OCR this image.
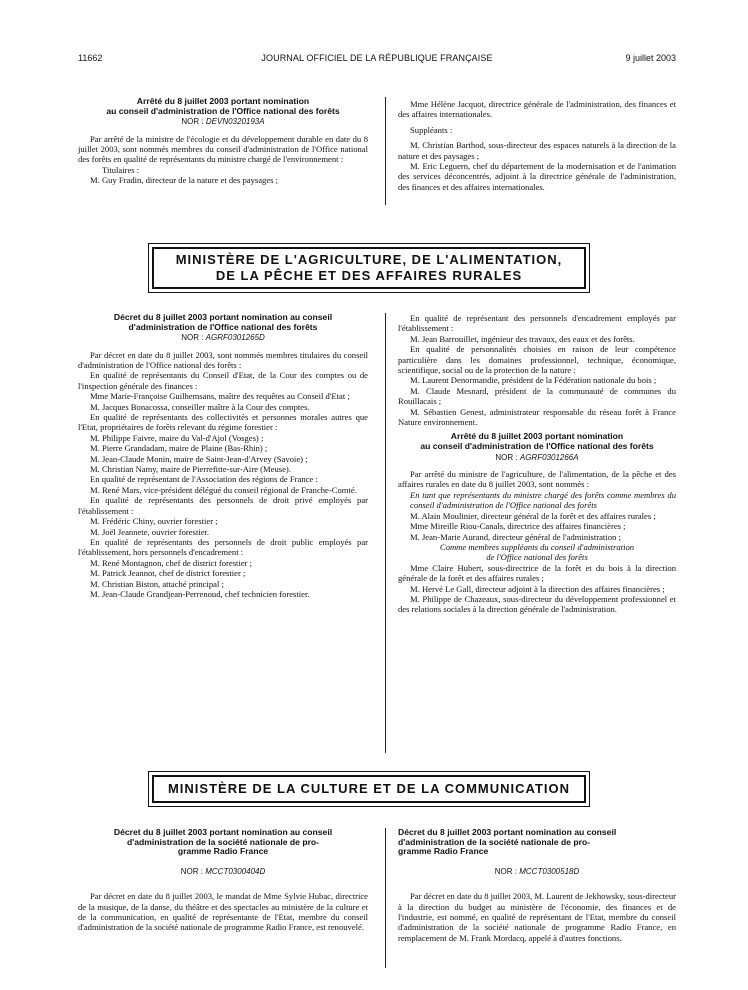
11662	JOURNAL OFFICIEL DE LA RÉPUBLIQUE FRANÇAISE	9 juillet 2003
Arrêté du 8 juillet 2003 portant nomination
au conseil d'administration de l'Office national des forêts
NOR : DEVN0320193A

Par arrêté de la ministre de l'écologie et du développement durable en date du 8 juillet 2003, sont nommés membres du conseil d'administration de l'Office national des forêts en qualité de représentants du ministre chargé de l'environnement :

Titulaires :

M. Guy Fradin, directeur de la nature et des paysages ;

Mme Hélène Jacquot, directrice générale de l'administration, des finances et des affaires internationales.

Suppléants :

M. Christian Barthod, sous-directeur des espaces naturels à la direction de la nature et des paysages ;

M. Eric Leguern, chef du département de la modernisation et de l'animation des services déconcentrés, adjoint à la directrice générale de l'administration, des finances et des affaires internationales.

MINISTÈRE DE L'AGRICULTURE, DE L'ALIMENTATION,
DE LA PÊCHE ET DES AFFAIRES RURALES
Décret du 8 juillet 2003 portant nomination au conseil
d'administration de l'Office national des forêts
NOR : AGRF0301265D

Par décret en date du 8 juillet 2003, sont nommés membres titulaires du conseil d'administration de l'Office national des forêts :

En qualité de représentants du Conseil d'Etat, de la Cour des comptes ou de l'inspection générale des finances :

Mme Marie-Françoise Guilhemsans, maître des requêtes au Conseil d'Etat ;

M. Jacques Bonacossa, conseiller maître à la Cour des comptes.

En qualité de représentants des collectivités et personnes morales autres que l'Etat, propriétaires de forêts relevant du régime forestier :

M. Philippe Faivre, maire du Val-d'Ajol (Vosges) ;

M. Pierre Grandadam, maire de Plaine (Bas-Rhin) ;

M. Jean-Claude Monin, maire de Saint-Jean-d'Arvey (Savoie) ;

M. Christian Namy, maire de Pierrefitte-sur-Aire (Meuse).

En qualité de représentant de l'Association des régions de France :

M. René Mars, vice-président délégué du conseil régional de Franche-Comté.

En qualité de représentants des personnels de droit privé employés par l'établissement :

M. Frédéric Chiny, ouvrier forestier ;

M. Joël Jeannete, ouvrier forestier.

En qualité de représentants des personnels de droit public employés par l'établissement, hors personnels d'encadrement :

M. René Montagnon, chef de district forestier ;

M. Patrick Jeannot, chef de district forestier ;

M. Christian Biston, attaché principal ;

M. Jean-Claude Grandjean-Perrenoud, chef technicien forestier.

En qualité de représentant des personnels d'encadrement employés par l'établissement :

M. Jean Barrouillet, ingénieur des travaux, des eaux et des forêts.

En qualité de personnalités choisies en raison de leur compétence particulière dans les domaines professionnel, technique, économique, scientifique, social ou de la protection de la nature :

M. Laurent Denormandie, président de la Fédération nationale du bois ;

M. Claude Mesnard, président de la communauté de communes du Rouillacais ;

M. Sébastien Genest, administrateur responsable du réseau forêt à France Nature environnement.

Arrêté du 8 juillet 2003 portant nomination
au conseil d'administration de l'Office national des forêts
NOR : AGRF0301266A

Par arrêté du ministre de l'agriculture, de l'alimentation, de la pêche et des affaires rurales en date du 8 juillet 2003, sont nommés :

En tant que représentants du ministre chargé des forêts comme membres du conseil d'administration de l'Office national des forêts

M. Alain Moulinier, directeur général de la forêt et des affaires rurales ;

Mme Mireille Riou-Canals, directrice des affaires financières ;

M. Jean-Marie Aurand, directeur général de l'administration ;

Comme membres suppléants du conseil d'administration

de l'Office national des forêts

Mme Claire Hubert, sous-directrice de la forêt et du bois à la direction générale de la forêt et des affaires rurales ;

M. Hervé Le Gall, directeur adjoint à la direction des affaires financières ;

M. Philippe de Chazeaux, sous-directeur du développement professionnel et des relations sociales à la direction générale de l'administration.

MINISTÈRE DE LA CULTURE ET DE LA COMMUNICATION
Décret du 8 juillet 2003 portant nomination au conseil
d'administration de la société nationale de pro-
gramme Radio France
NOR : MCCT0300404D

Par décret en date du 8 juillet 2003, le mandat de Mme Sylvie Hubac, directrice de la musique, de la danse, du théâtre et des spectacles au ministère de la culture et de la communication, en qualité de représentante de l'Etat, membre du conseil d'administration de la société nationale de programme Radio France, est renouvelé.

Décret du 8 juillet 2003 portant nomination au conseil
d'administration de la société nationale de pro-
gramme Radio France
NOR : MCCT0300518D

Par décret en date du 8 juillet 2003, M. Laurent de Jekhowsky, sous-directeur à la direction du budget au ministère de l'économie, des finances et de l'industrie, est nommé, en qualité de représentant de l'Etat, membre du conseil d'administration de la société nationale de programme Radio France, en remplacement de M. Frank Mordacq, appelé à d'autres fonctions.
